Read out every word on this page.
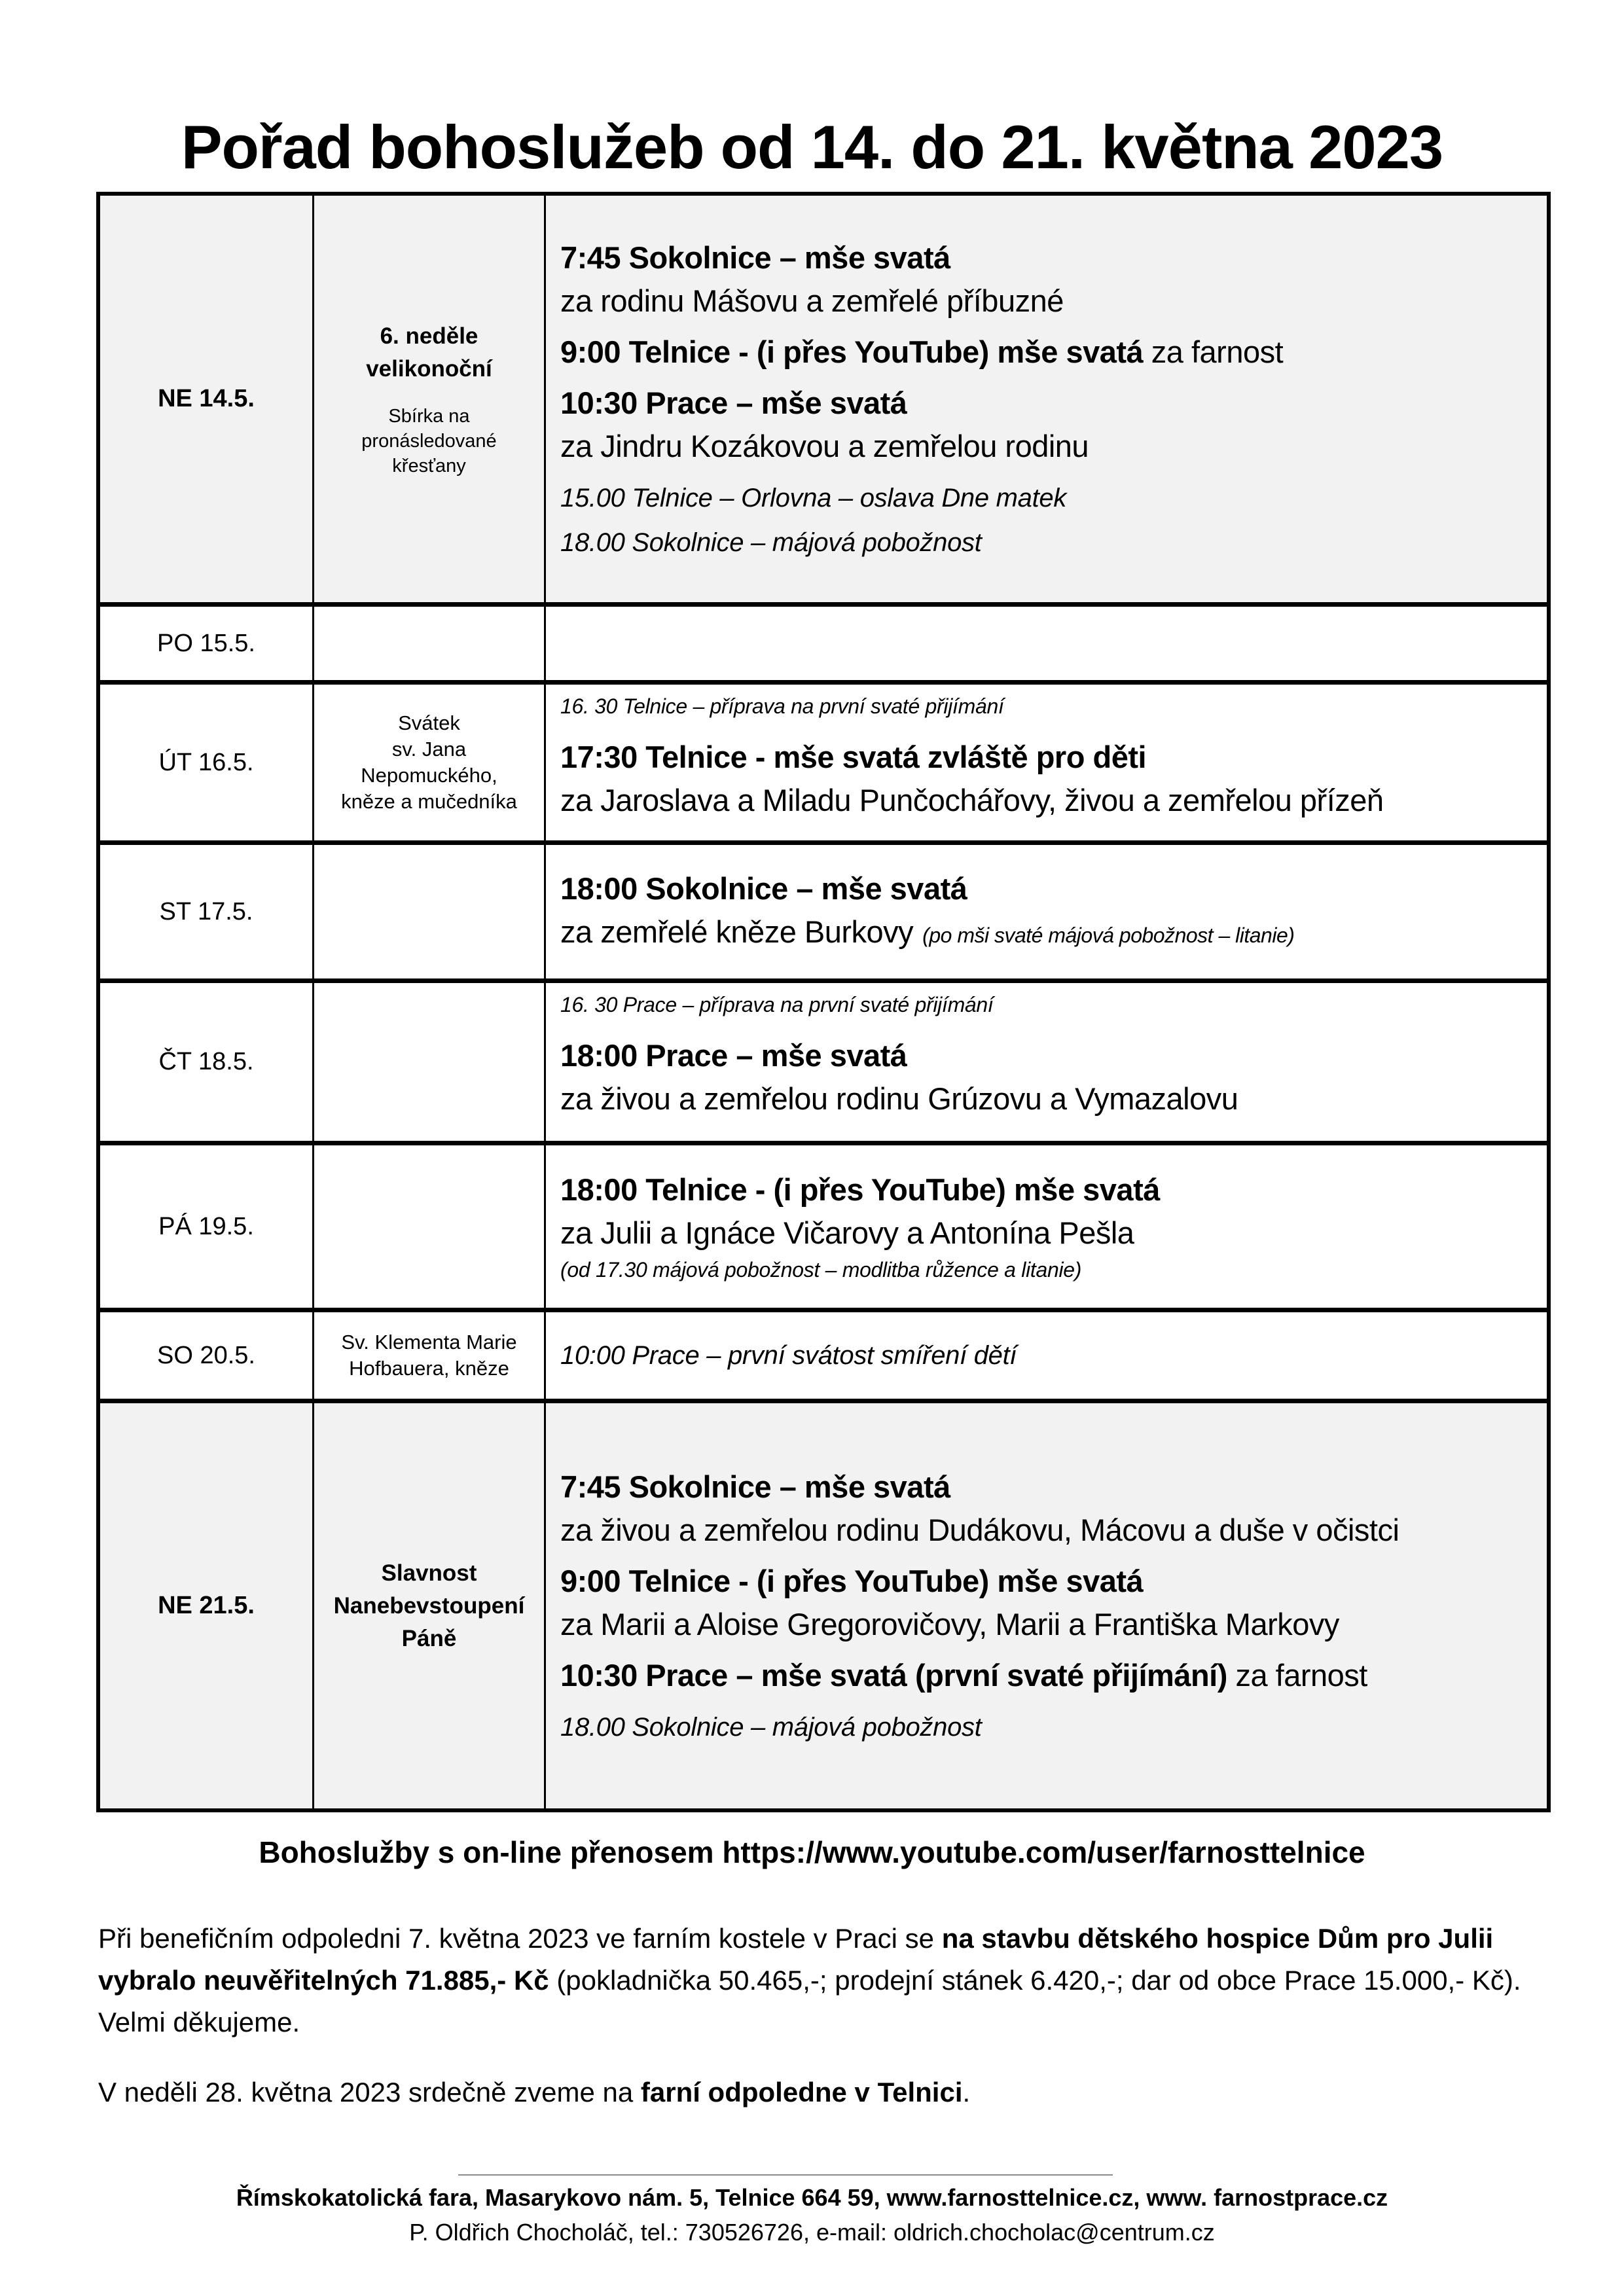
Pořad bohoslužeb od 14. do 21. května 2023
NE 14.5.
6. neděle velikonoční
Sbírka na pronásledované křesťany
7:45 Sokolnice – mše svatá
za rodinu Mášovu a zemřelé příbuzné
9:00 Telnice - (i přes YouTube) mše svatá za farnost
10:30 Prace – mše svatá
za Jindru Kozákovou a zemřelou rodinu
15.00 Telnice – Orlovna – oslava Dne matek
18.00 Sokolnice – májová pobožnost
PO 15.5.
ÚT 16.5.
Svátek
sv. Jana
Nepomuckého,
kněze a mučedníka
16. 30 Telnice – příprava na první svaté přijímání
17:30 Telnice - mše svatá zvláště pro děti
za Jaroslava a Miladu Punčochářovy, živou a zemřelou přízeň
ST 17.5.
18:00 Sokolnice – mše svatá
za zemřelé kněze Burkovy (po mši svaté májová pobožnost – litanie)
ČT 18.5.
16. 30 Prace – příprava na první svaté přijímání
18:00 Prace – mše svatá
za živou a zemřelou rodinu Grúzovu a Vymazalovu
PÁ 19.5.
18:00 Telnice - (i přes YouTube) mše svatá
za Julii a Ignáce Vičarovy a Antonína Pešla
(od 17.30 májová pobožnost – modlitba růžence a litanie)
SO 20.5.	Sv. Klementa Marie
Hofbauera, kněze 10:00 Prace – první svátost smíření dětí
NE 21.5.
Slavnost
Nanebevstoupení
Páně
7:45 Sokolnice – mše svatá
za živou a zemřelou rodinu Dudákovu, Mácovu a duše v očistci
9:00 Telnice - (i přes YouTube) mše svatá
za Marii a Aloise Gregorovičovy, Marii a Františka Markovy
10:30 Prace – mše svatá (první svaté přijímání) za farnost
18.00 Sokolnice – májová pobožnost
Bohoslužby s on-line přenosem https://www.youtube.com/user/farnosttelnice
Při benefičním odpoledni 7. května 2023 ve farním kostele v Praci se na stavbu dětského hospice Dům pro Julii vybralo neuvěřitelných 71.885,- Kč (pokladnička 50.465,-; prodejní stánek 6.420,-; dar od obce Prace 15.000,- Kč). Velmi děkujeme.
V neděli 28. května 2023 srdečně zveme na farní odpoledne v Telnici.
Římskokatolická fara, Masarykovo nám. 5, Telnice 664 59, www.farnosttelnice.cz, www. farnostprace.cz
P. Oldřich Chocholáč, tel.: 730526726, e-mail: oldrich.chocholac@centrum.cz
